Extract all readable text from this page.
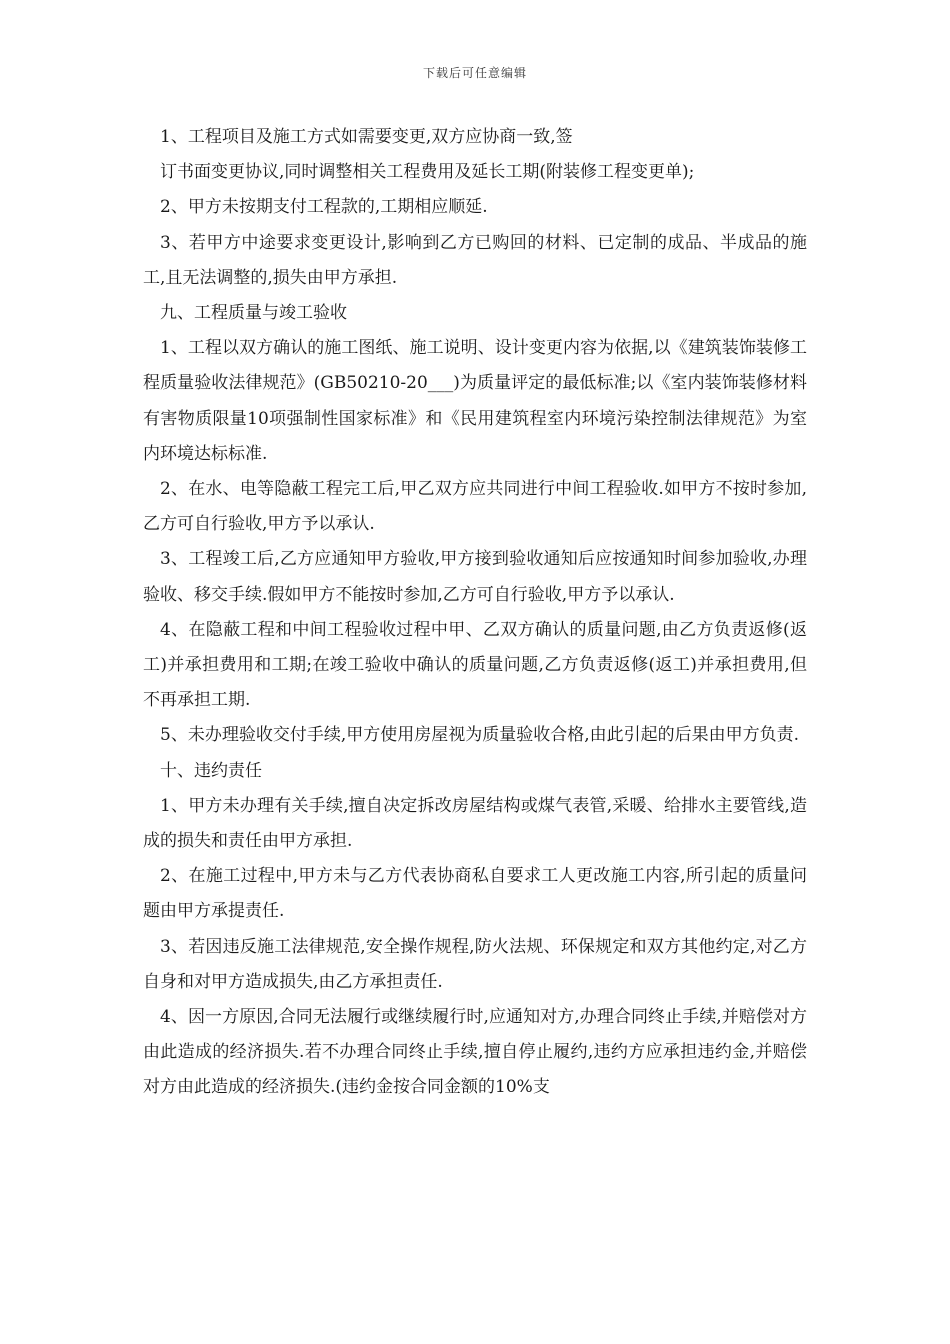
下载后可任意编辑

1、工程项目及施工方式如需要变更,双方应协商一致,签

订书面变更协议,同时调整相关工程费用及延长工期(附装修工程变更单);

2、甲方未按期支付工程款的,工期相应顺延.

3、若甲方中途要求变更设计,影响到乙方已购回的材料、已定制的成品、半成品的施工,且无法调整的,损失由甲方承担.

九、工程质量与竣工验收

1、工程以双方确认的施工图纸、施工说明、设计变更内容为依据,以《建筑装饰装修工程质量验收法律规范》(GB50210-20___)为质量评定的最低标准;以《室内装饰装修材料有害物质限量10项强制性国家标准》和《民用建筑程室内环境污染控制法律规范》为室内环境达标标准.

2、在水、电等隐蔽工程完工后,甲乙双方应共同进行中间工程验收.如甲方不按时参加,乙方可自行验收,甲方予以承认.

3、工程竣工后,乙方应通知甲方验收,甲方接到验收通知后应按通知时间参加验收,办理验收、移交手续.假如甲方不能按时参加,乙方可自行验收,甲方予以承认.

4、在隐蔽工程和中间工程验收过程中甲、乙双方确认的质量问题,由乙方负责返修(返工)并承担费用和工期;在竣工验收中确认的质量问题,乙方负责返修(返工)并承担费用,但不再承担工期.

5、未办理验收交付手续,甲方使用房屋视为质量验收合格,由此引起的后果由甲方负责.

十、违约责任

1、甲方未办理有关手续,擅自决定拆改房屋结构或煤气表管,采暖、给排水主要管线,造成的损失和责任由甲方承担.

2、在施工过程中,甲方未与乙方代表协商私自要求工人更改施工内容,所引起的质量问题由甲方承提责任.

3、若因违反施工法律规范,安全操作规程,防火法规、环保规定和双方其他约定,对乙方自身和对甲方造成损失,由乙方承担责任.

4、因一方原因,合同无法履行或继续履行时,应通知对方,办理合同终止手续,并赔偿对方由此造成的经济损失.若不办理合同终止手续,擅自停止履约,违约方应承担违约金,并赔偿对方由此造成的经济损失.(违约金按合同金额的10%支
